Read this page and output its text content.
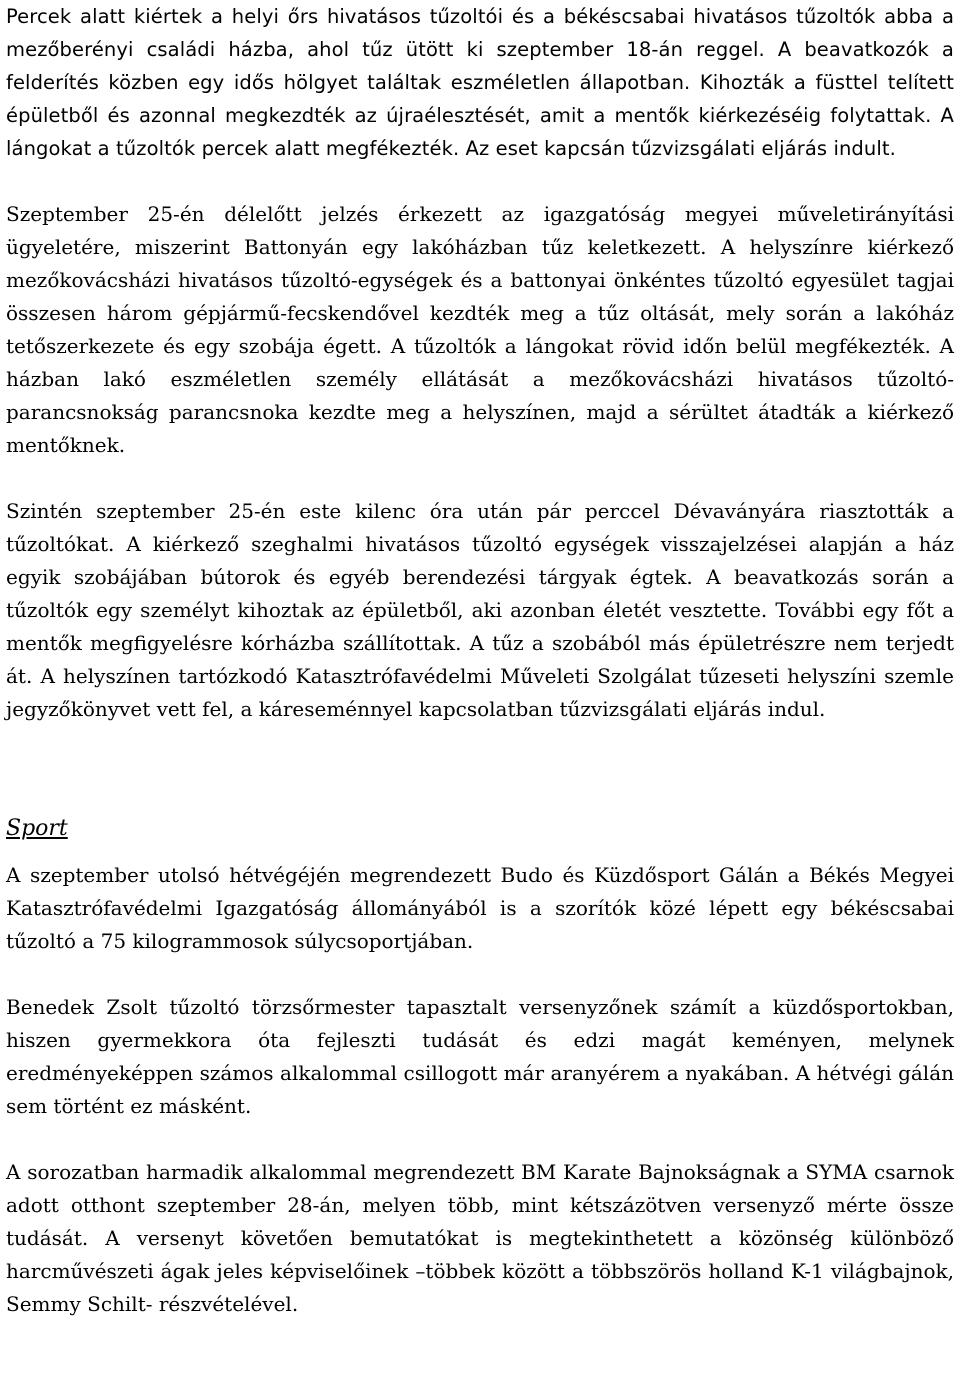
Percek alatt kiértek a helyi őrs hivatásos tűzoltói és a békéscsabai hivatásos tűzoltók abba a mezőberényi családi házba, ahol tűz ütött ki szeptember 18-án reggel. A beavatkozók a felderítés közben egy idős hölgyet találtak eszméletlen állapotban. Kihozták a füsttel telített épületből és azonnal megkezdték az újraélesztését, amit a mentők kiérkezéséig folytattak. A lángokat a tűzoltók percek alatt megfékezték. Az eset kapcsán tűzvizsgálati eljárás indult.

Szeptember 25-én délelőtt jelzés érkezett az igazgatóság megyei műveletirányítási ügyeletére, miszerint Battonyán egy lakóházban tűz keletkezett. A helyszínre kiérkező mezőkovácsházi hivatásos tűzoltó-egységek és a battonyai önkéntes tűzoltó egyesület tagjai összesen három gépjármű-fecskendővel kezdték meg a tűz oltását, mely során a lakóház tetőszerkezete és egy szobája égett. A tűzoltók a lángokat rövid időn belül megfékezték. A házban lakó eszméletlen személy ellátását a mezőkovácsházi hivatásos tűzoltó-parancsnokság parancsnoka kezdte meg a helyszínen, majd a sérültet átadták a kiérkező mentőknek.

Szintén szeptember 25-én este kilenc óra után pár perccel Dévaványára riasztották a tűzoltókat. A kiérkező szeghalmi hivatásos tűzoltó egységek visszajelzései alapján a ház egyik szobájában bútorok és egyéb berendezési tárgyak égtek. A beavatkozás során a tűzoltók egy személyt kihoztak az épületből, aki azonban életét vesztette. További egy főt a mentők megfigyelésre kórházba szállítottak. A tűz a szobából más épületrészre nem terjedt át. A helyszínen tartózkodó Katasztrófavédelmi Műveleti Szolgálat tűzeseti helyszíni szemle jegyzőkönyvet vett fel, a káreseménnyel kapcsolatban tűzvizsgálati eljárás indul.

Sport

A szeptember utolsó hétvégéjén megrendezett Budo és Küzdősport Gálán a Békés Megyei Katasztrófavédelmi Igazgatóság állományából is a szorítók közé lépett egy békéscsabai tűzoltó a 75 kilogrammosok súlycsoportjában.

Benedek Zsolt tűzoltó törzsőrmester tapasztalt versenyzőnek számít a küzdősportokban, hiszen gyermekkora óta fejleszti tudását és edzi magát keményen, melynek eredményeképpen számos alkalommal csillogott már aranyérem a nyakában. A hétvégi gálán sem történt ez másként.

A sorozatban harmadik alkalommal megrendezett BM Karate Bajnokságnak a SYMA csarnok adott otthont szeptember 28-án, melyen több, mint kétszázötven versenyző mérte össze tudását. A versenyt követően bemutatókat is megtekinthetett a közönség különböző harcművészeti ágak jeles képviselőinek –többek között a többszörös holland K-1 világbajnok, Semmy Schilt- részvételével.
